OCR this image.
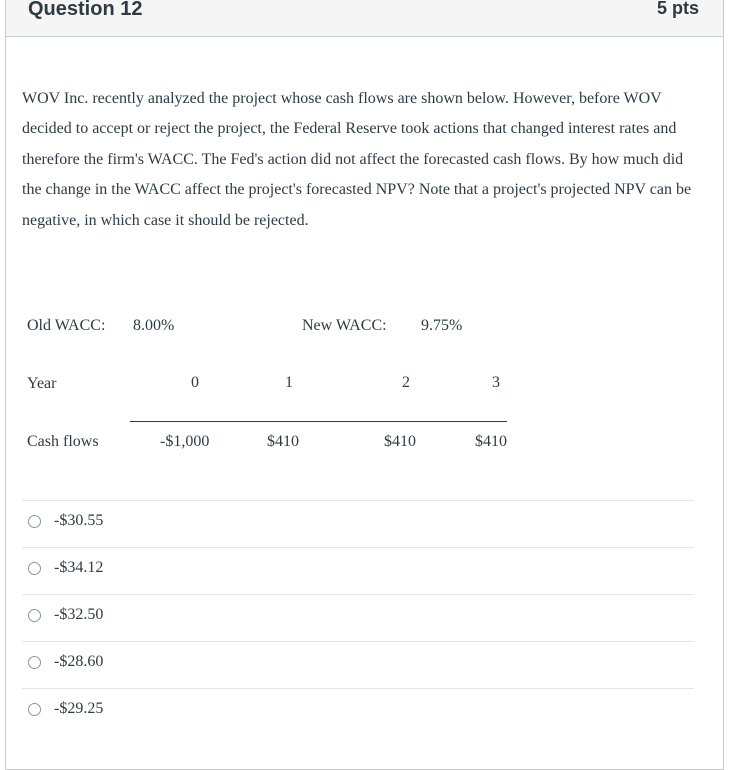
Question 12	5 pts
WOV Inc. recently analyzed the project whose cash flows are shown below. However, before WOV decided to accept or reject the project, the Federal Reserve took actions that changed interest rates and therefore the firm's WACC. The Fed's action did not affect the forecasted cash flows. By how much did the change in the WACC affect the project's forecasted NPV? Note that a project's projected NPV can be negative, in which case it should be rejected.
Old WACC: 8.00%	New WACC: 9.75%
Year	0	1	2	3
Cash flows	-$1,000	$410	$410	$410
-$30.55
-$34.12
-$32.50
-$28.60
-$29.25
